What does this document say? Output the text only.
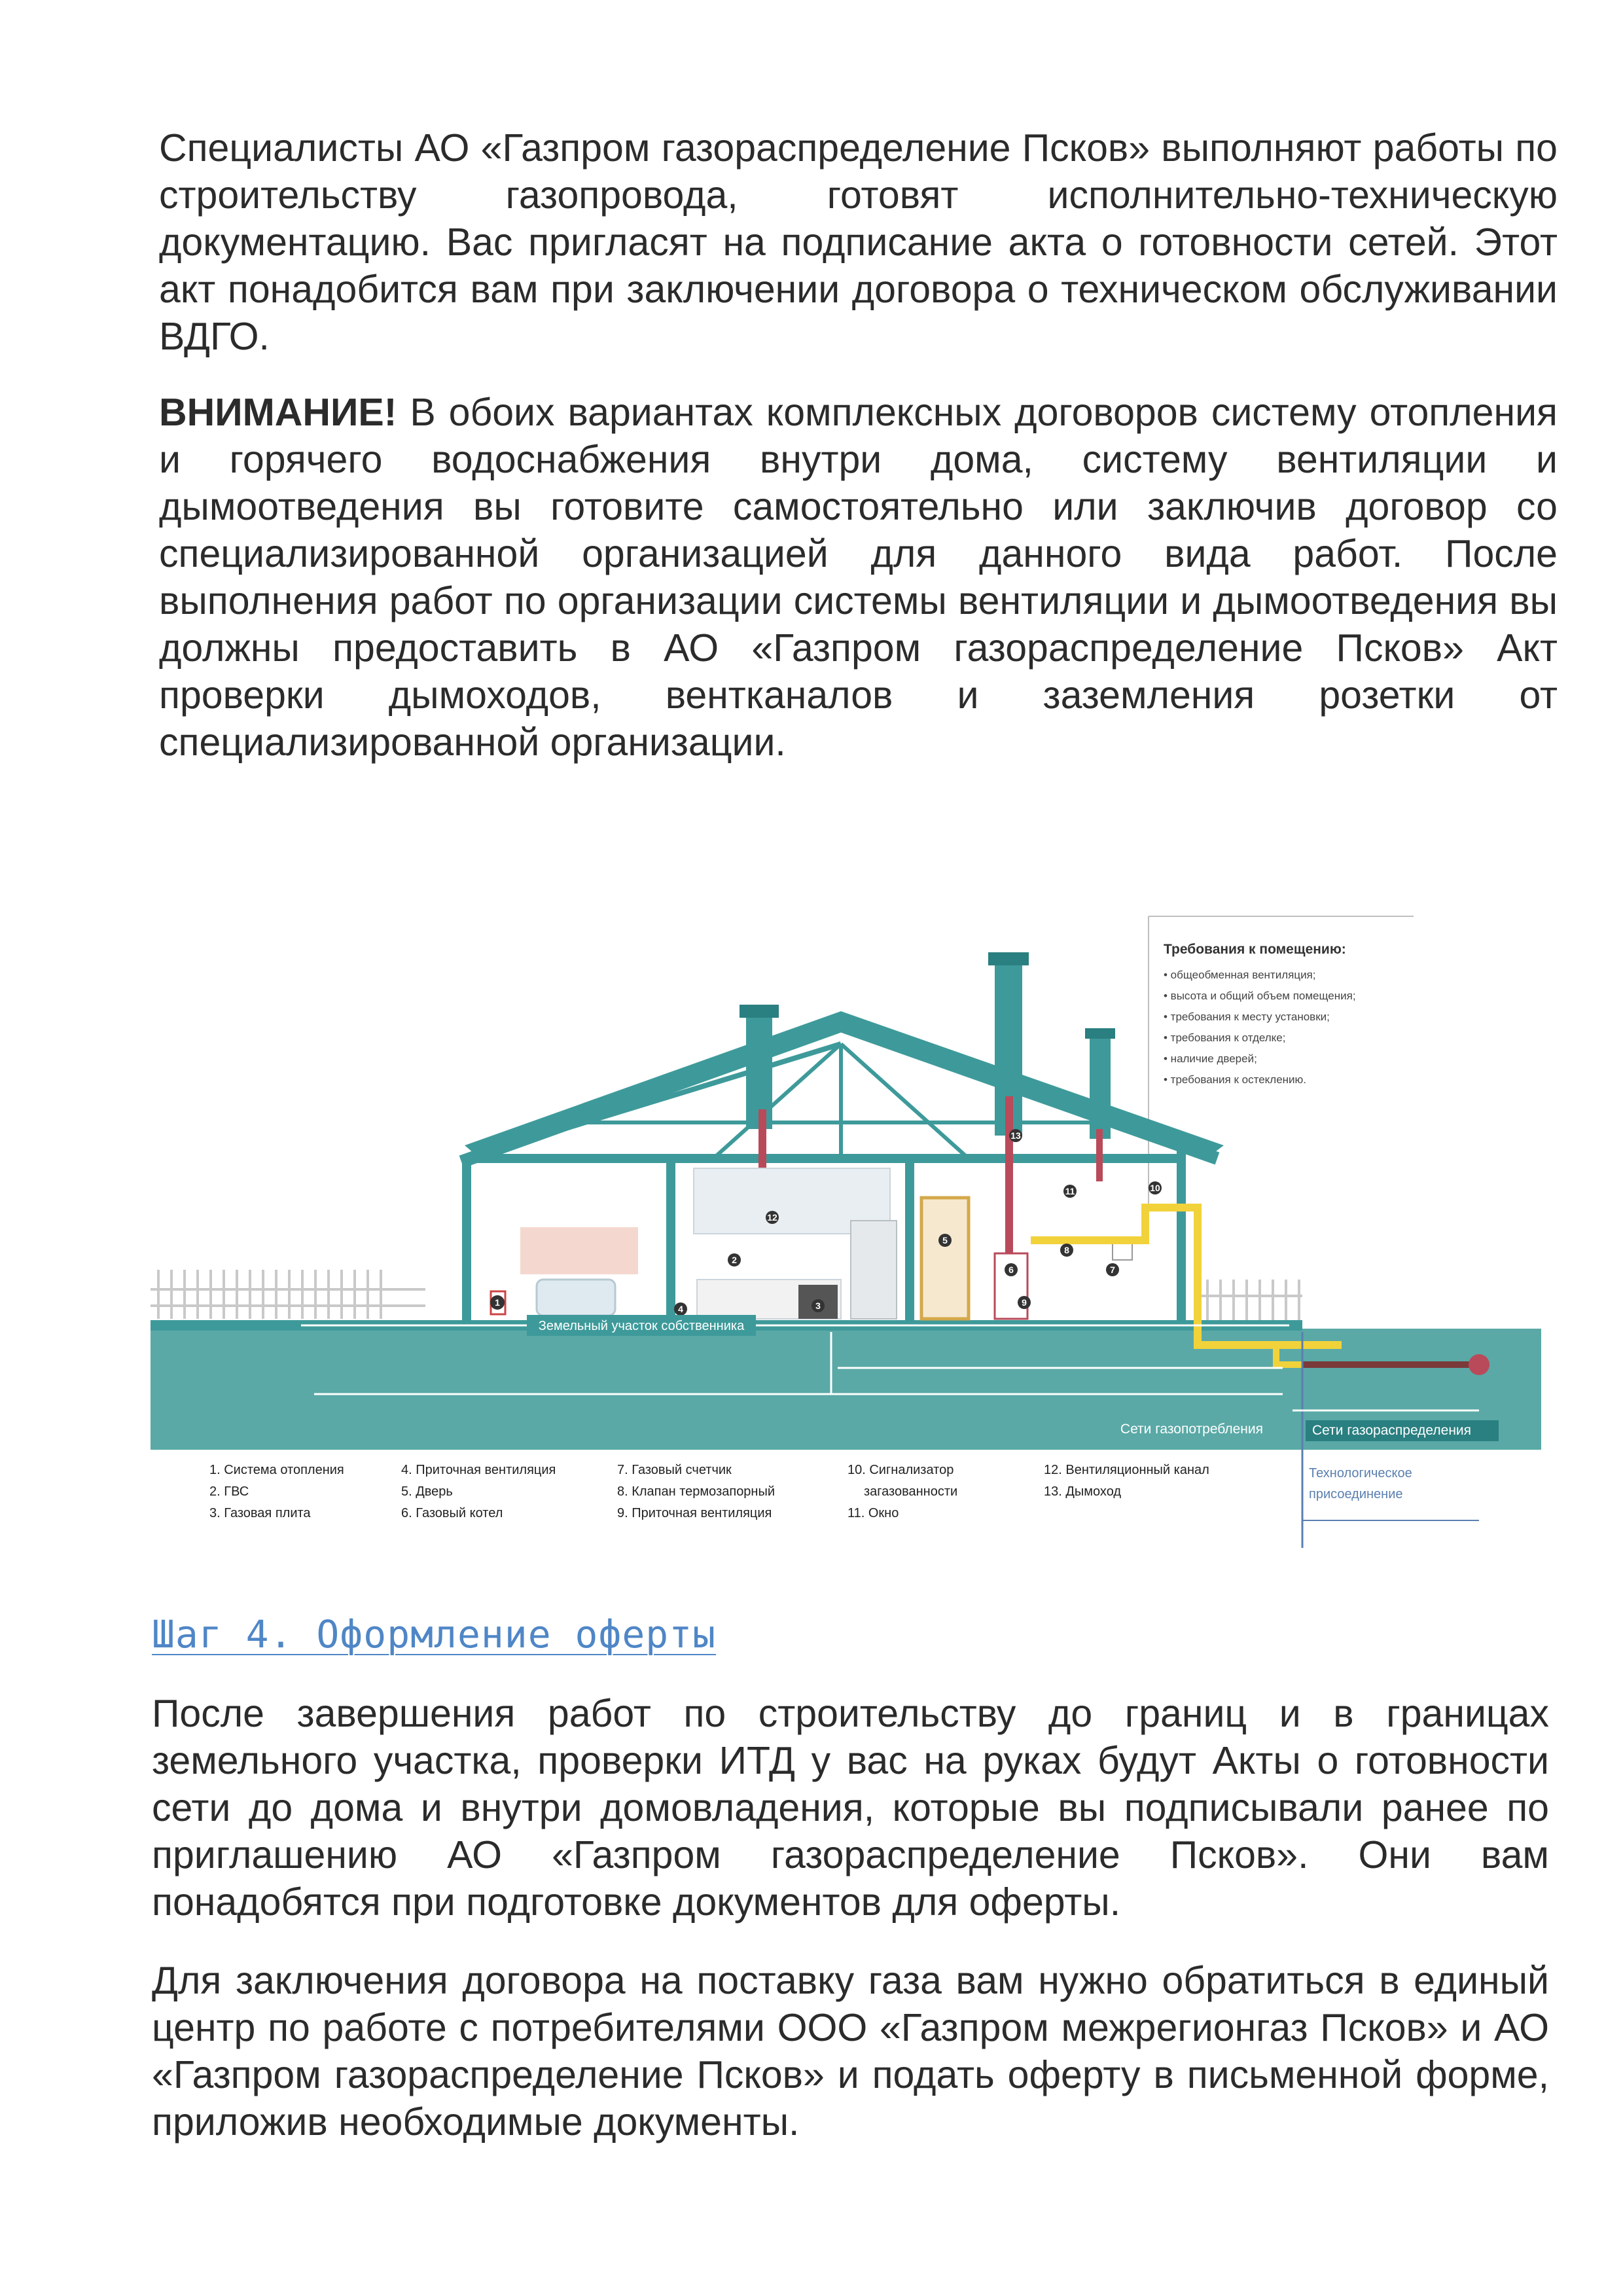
Специалисты АО «Газпром газораспределение Псков» выполняют работы по строительству газопровода, готовят исполнительно-техническую документацию. Вас пригласят на подписание акта о готовности сетей. Этот акт понадобится вам при заключении договора о техническом обслуживании ВДГО.

ВНИМАНИЕ! В обоих вариантах комплексных договоров систему отопления и горячего водоснабжения внутри дома, систему вентиляции и дымоотведения вы готовите самостоятельно или заключив договор со специализированной организацией для данного вида работ. После выполнения работ по организации системы вентиляции и дымоотведения вы должны предоставить в АО «Газпром газораспределение Псков» Акт проверки дымоходов, вентканалов и заземления розетки от специализированной организации.

Требования к помещению:
• общеобменная вентиляция;
• высота и общий объем помещения;
• требования к месту установки;
• требования к отделке;
• наличие дверей;
• требования к остеклению.
1
2
3
4
5
6	7
8
9
10
11
12
13
Земельный участок собственника
Сети газопотребления	Сети газораспределения
1. Система отопления
2. ГВС
3. Газовая плита
4. Приточная вентиляция
5. Дверь
6. Газовый котел
7. Газовый счетчик
8. Клапан термозапорный
9. Приточная вентиляция
10. Сигнализатор
загазованности
11. Окно
12. Вентиляционный канал
13. Дымоход
Технологическое
присоединение

Шаг 4. Оформление оферты

После завершения работ по строительству до границ и в границах земельного участка, проверки ИТД у вас на руках будут Акты о готовности сети до дома и внутри домовладения, которые вы подписывали ранее по приглашению АО «Газпром газораспределение Псков». Они вам понадобятся при подготовке документов для оферты.

Для заключения договора на поставку газа вам нужно обратиться в единый центр по работе с потребителями ООО «Газпром межрегионгаз Псков» и АО «Газпром газораспределение Псков» и подать оферту в письменной форме, приложив необходимые документы.
